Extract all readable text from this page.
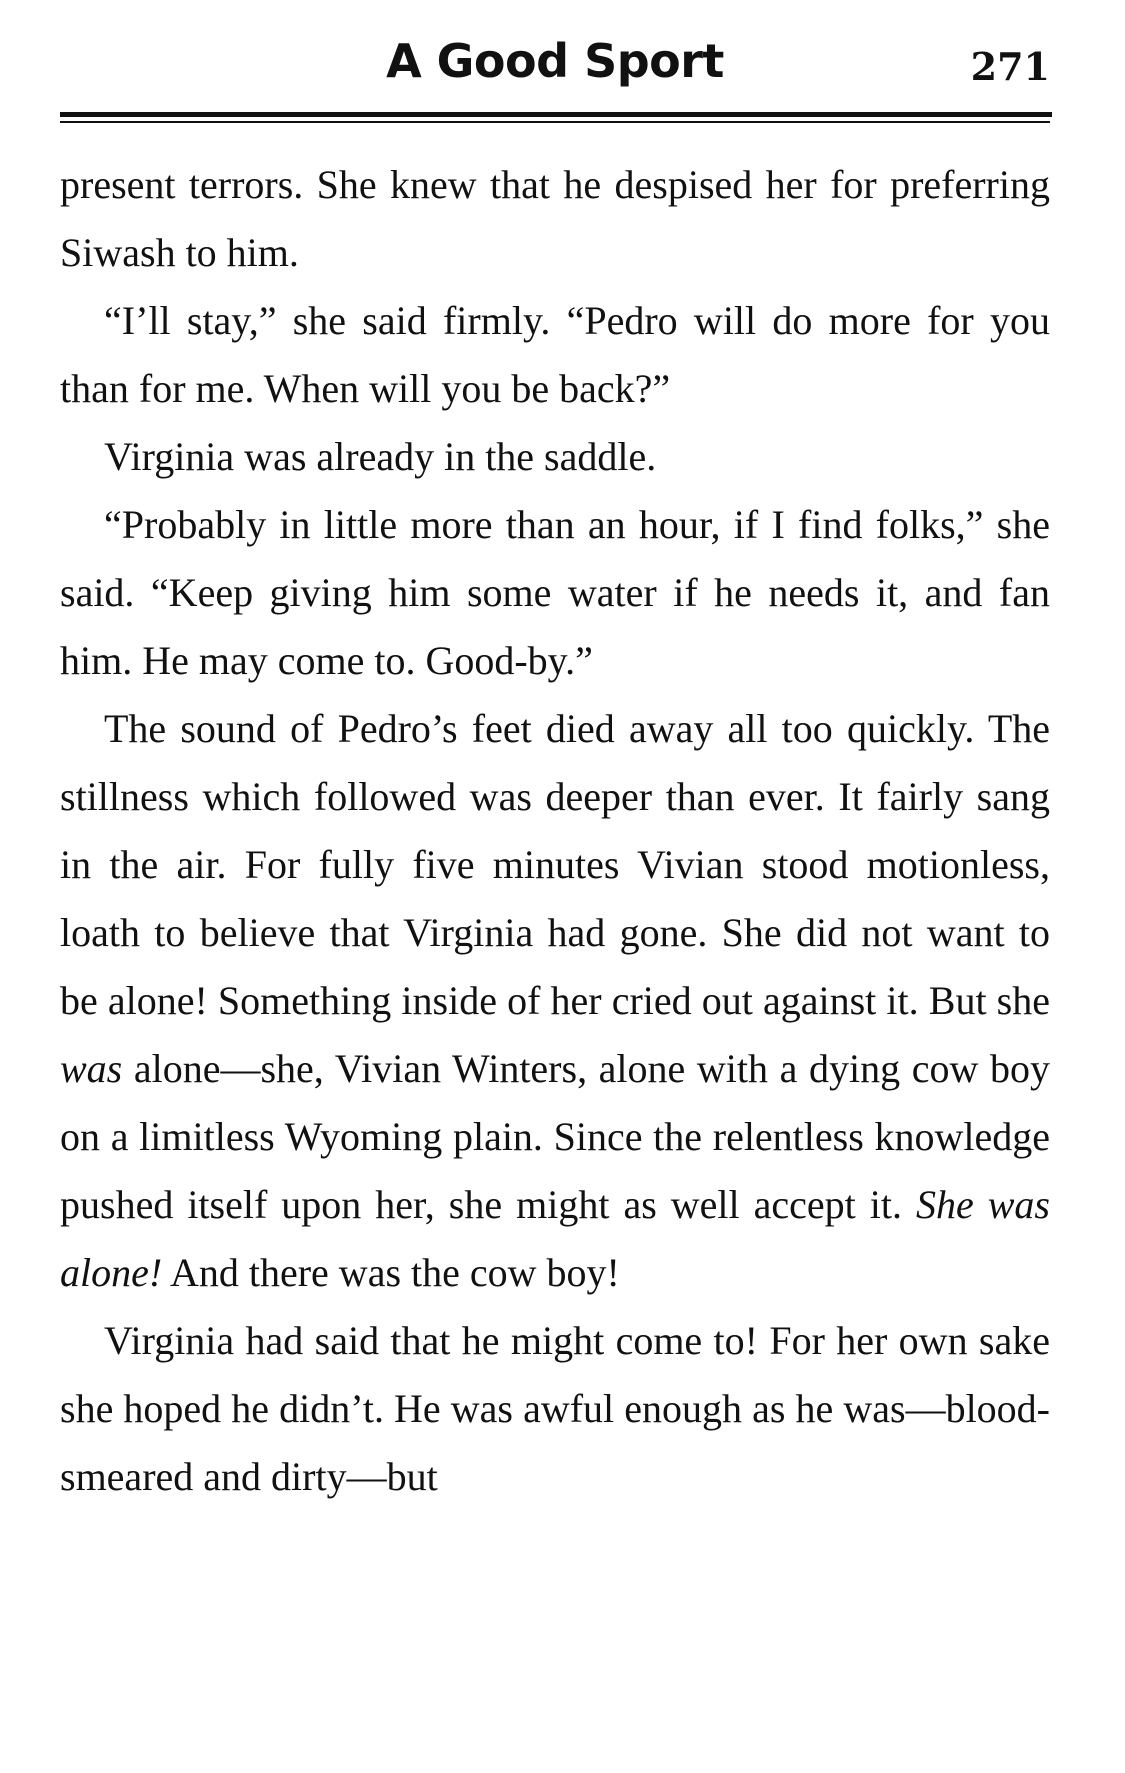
A Good Sport	271

present terrors. She knew that he despised her for preferring Siwash to him.

“I’ll stay,” she said firmly. “Pedro will do more for you than for me. When will you be back?”

Virginia was already in the saddle.

“Probably in little more than an hour, if I find folks,” she said. “Keep giving him some water if he needs it, and fan him. He may come to. Good-by.”

The sound of Pedro’s feet died away all too quickly. The stillness which followed was deeper than ever. It fairly sang in the air. For fully five minutes Vivian stood motionless, loath to believe that Virginia had gone. She did not want to be alone! Something inside of her cried out against it. But she was alone—she, Vivian Winters, alone with a dying cow boy on a limitless Wyoming plain. Since the relentless knowledge pushed itself upon her, she might as well accept it. She was alone! And there was the cow boy!

Virginia had said that he might come to! For her own sake she hoped he didn’t. He was awful enough as he was—blood-smeared and dirty—but
